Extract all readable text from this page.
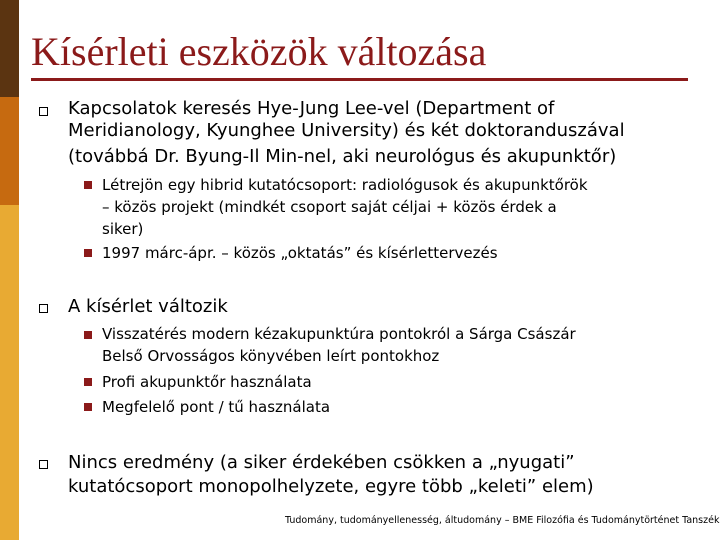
Kísérleti eszközök változása
Kapcsolatok keresés Hye-Jung Lee-vel (Department of
Meridianology, Kyunghee University) és két doktoranduszával
(továbbá Dr. Byung-Il Min-nel, aki neurológus és akupunktőr)
Létrejön egy hibrid kutatócsoport: radiológusok és akupunktőrök
– közös projekt (mindkét csoport saját céljai + közös érdek a
siker)
1997 márc-ápr. – közös „oktatás” és kísérlettervezés
A kísérlet változik
Visszatérés modern kézakupunktúra pontokról a Sárga Császár
Belső Orvosságos könyvében leírt pontokhoz
Profi akupunktőr használata
Megfelelő pont / tű használata
Nincs eredmény (a siker érdekében csökken a „nyugati”
kutatócsoport monopolhelyzete, egyre több „keleti” elem)
Tudomány, tudományellenesség, áltudomány – BME Filozófia és Tudománytörténet Tanszék
